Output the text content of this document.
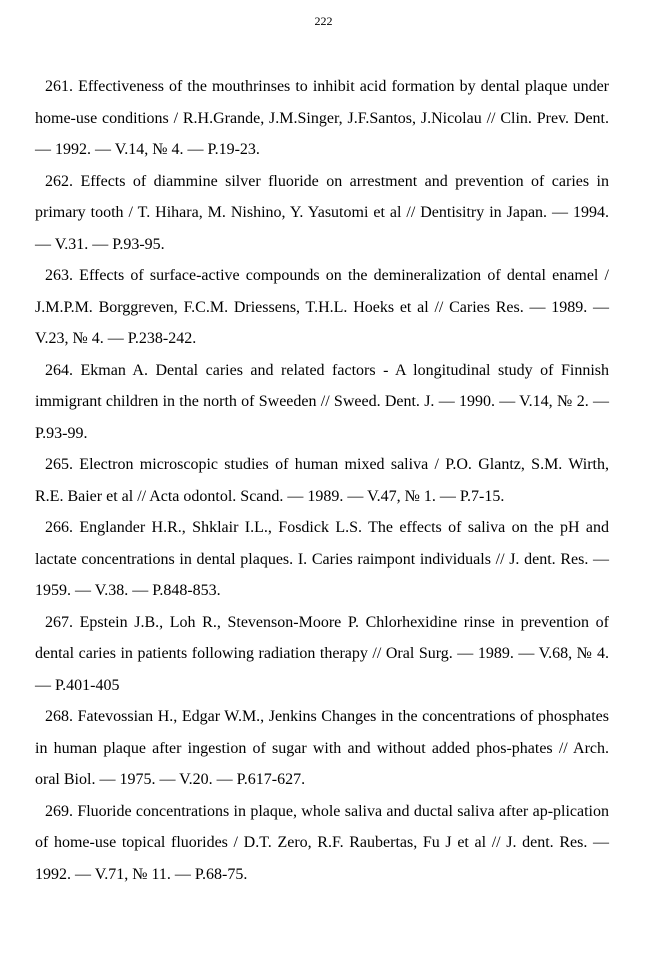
222

261. Effectiveness of the mouthrinses to inhibit acid formation by dental plaque under home-use conditions / R.H.Grande, J.M.Singer, J.F.Santos, J.Nicolau // Clin. Prev. Dent. — 1992. — V.14, № 4. — P.19-23.

262. Effects of diammine silver fluoride on arrestment and prevention of caries in primary tooth / T. Hihara, M. Nishino, Y. Yasutomi et al // Dentisitry in Japan. — 1994. — V.31. — P.93-95.

263. Effects of surface-active compounds on the demineralization of dental enamel / J.M.P.M. Borggreven, F.C.M. Driessens, T.H.L. Hoeks et al // Caries Res. — 1989. — V.23, № 4. — P.238-242.

264. Ekman A. Dental caries and related factors - A longitudinal study of Finnish immigrant children in the north of Sweeden // Sweed. Dent. J. — 1990. — V.14, № 2. — P.93-99.

265. Electron microscopic studies of human mixed saliva / P.O. Glantz, S.M. Wirth, R.E. Baier et al // Acta odontol. Scand. — 1989. — V.47, № 1. — P.7-15.

266. Englander H.R., Shklair I.L., Fosdick L.S. The effects of saliva on the pH and lactate concentrations in dental plaques. I. Caries raimpont individuals // J. dent. Res. — 1959. — V.38. — P.848-853.

267. Epstein J.B., Loh R., Stevenson-Moore P. Chlorhexidine rinse in prevention of dental caries in patients following radiation therapy // Oral Surg. — 1989. — V.68, № 4. — P.401-405

268. Fatevossian H., Edgar W.M., Jenkins Changes in the concentrations of phosphates in human plaque after ingestion of sugar with and without added phos-phates // Arch. oral Biol. — 1975. — V.20. — P.617-627.

269. Fluoride concentrations in plaque, whole saliva and ductal saliva after ap-plication of home-use topical fluorides / D.T. Zero, R.F. Raubertas, Fu J et al // J. dent. Res. — 1992. — V.71, № 11. — P.68-75.
